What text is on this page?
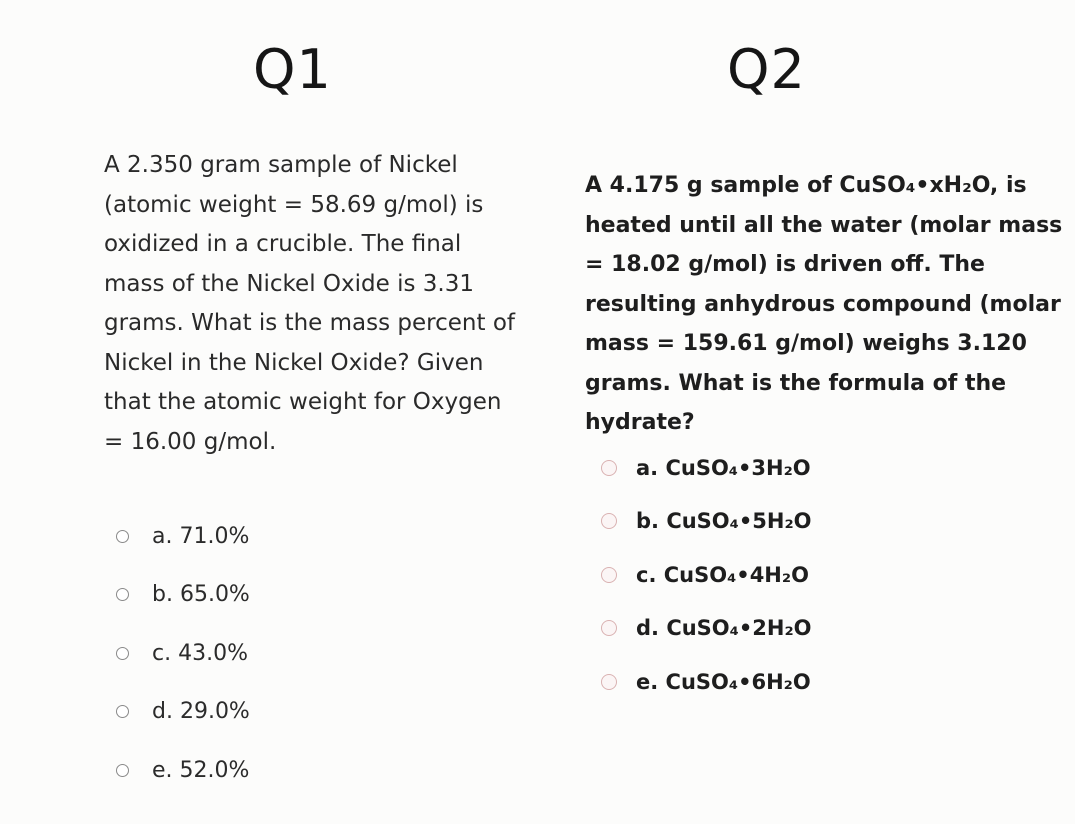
Q1	Q2

A 2.350 gram sample of Nickel (atomic weight = 58.69 g/mol) is oxidized in a crucible. The final mass of the Nickel Oxide is 3.31 grams. What is the mass percent of Nickel in the Nickel Oxide? Given that the atomic weight for Oxygen = 16.00 g/mol.

A 4.175 g sample of CuSO₄•xH₂O, is heated until all the water (molar mass = 18.02 g/mol) is driven off. The resulting anhydrous compound (molar mass = 159.61 g/mol) weighs 3.120 grams. What is the formula of the hydrate?

a. 71.0%
b. 65.0%
c. 43.0%
d. 29.0%
e. 52.0%
a. CuSO₄•3H₂O
b. CuSO₄•5H₂O
c. CuSO₄•4H₂O
d. CuSO₄•2H₂O
e. CuSO₄•6H₂O
